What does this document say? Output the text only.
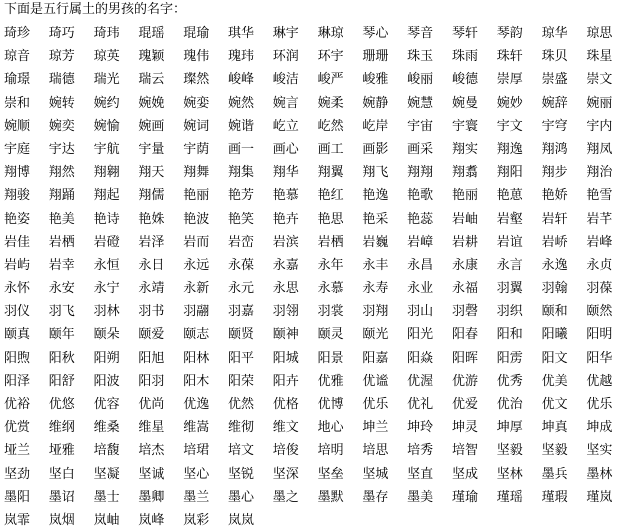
下面是五行属土的男孩的名字：
琦珍	琦巧	琦玮	琨瑶	琨瑜	琪华	琳宇	琳琼	琴心	琴音	琴轩	琴韵	琼华	琼思
琼音	琼芳	琼英	瑰颖	瑰伟	瑰玮	环润	环宇	珊珊	珠玉	珠雨	珠轩	珠贝	珠星
瑜璟	瑞德	瑞光	瑞云	璨然	峻峰	峻洁	峻严	峻雅	峻丽	峻德	崇厚	崇盛	崇文
崇和	婉转	婉约	婉娩	婉娈	婉然	婉言	婉柔	婉静	婉慧	婉曼	婉妙	婉辞	婉丽
婉顺	婉奕	婉愉	婉画	婉词	婉谐	屹立	屹然	屹岸	宇宙	宇寰	宇文	宇穹	宇内
宇庭	宇达	宇航	宇量	宇荫	画一	画心	画工	画影	画采	翔实	翔逸	翔鸿	翔凤
翔博	翔然	翔翱	翔天	翔舞	翔集	翔华	翔翼	翔飞	翔翔	翔翥	翔阳	翔步	翔治
翔骏	翔踊	翔起	翔儒	艳丽	艳芳	艳慕	艳红	艳逸	艳歌	艳丽	艳葸	艳娇	艳雪
艳姿	艳美	艳诗	艳姝	艳波	艳笑	艳卉	艳思	艳采	艳蕊	岩岫	岩壑	岩轩	岩芊
岩佳	岩栖	岩磴	岩泽	岩而	岩峦	岩滨	岩栖	岩巍	岩嶂	岩耕	岩谊	岩峤	岩峰
岩屿	岩幸	永恒	永日	永远	永葆	永嘉	永年	永丰	永昌	永康	永言	永逸	永贞
永怀	永安	永宁	永靖	永新	永元	永思	永慕	永寿	永业	永福	羽翼	羽翰	羽葆
羽仪	羽飞	羽林	羽书	羽翮	羽嘉	羽翎	羽裳	羽翔	羽山	羽磬	羽织	颐和	颐然
颐真	颐年	颐朵	颐爱	颐志	颐贤	颐神	颐灵	颐光	阳光	阳春	阳和	阳曦	阳明
阳煦	阳秋	阳朔	阳旭	阳林	阳平	阳城	阳景	阳嘉	阳焱	阳晖	阳雳	阳文	阳华
阳泽	阳舒	阳波	阳羽	阳木	阳荣	阳卉	优雅	优谧	优渥	优游	优秀	优美	优越
优裕	优悠	优容	优尚	优逸	优然	优格	优博	优乐	优礼	优爱	优治	优文	优乐
优赏	维纲	维桑	维星	维嵩	维彻	维文	地心	坤兰	坤玲	坤灵	坤厚	坤真	坤成
垭兰	垭雅	培馥	培杰	培珺	培文	培俊	培明	培思	培秀	培智	坚毅	坚毅	坚实
坚劲	坚白	坚凝	坚诚	坚心	坚锐	坚深	坚垒	坚城	坚直	坚成	坚林	墨兵	墨林
墨阳	墨诏	墨士	墨卿	墨兰	墨心	墨之	墨默	墨存	墨美	瑾瑜	瑾瑶	瑾瑕	瑾岚
岚霏	岚烟	岚岫	岚峰	岚彩	岚岚
